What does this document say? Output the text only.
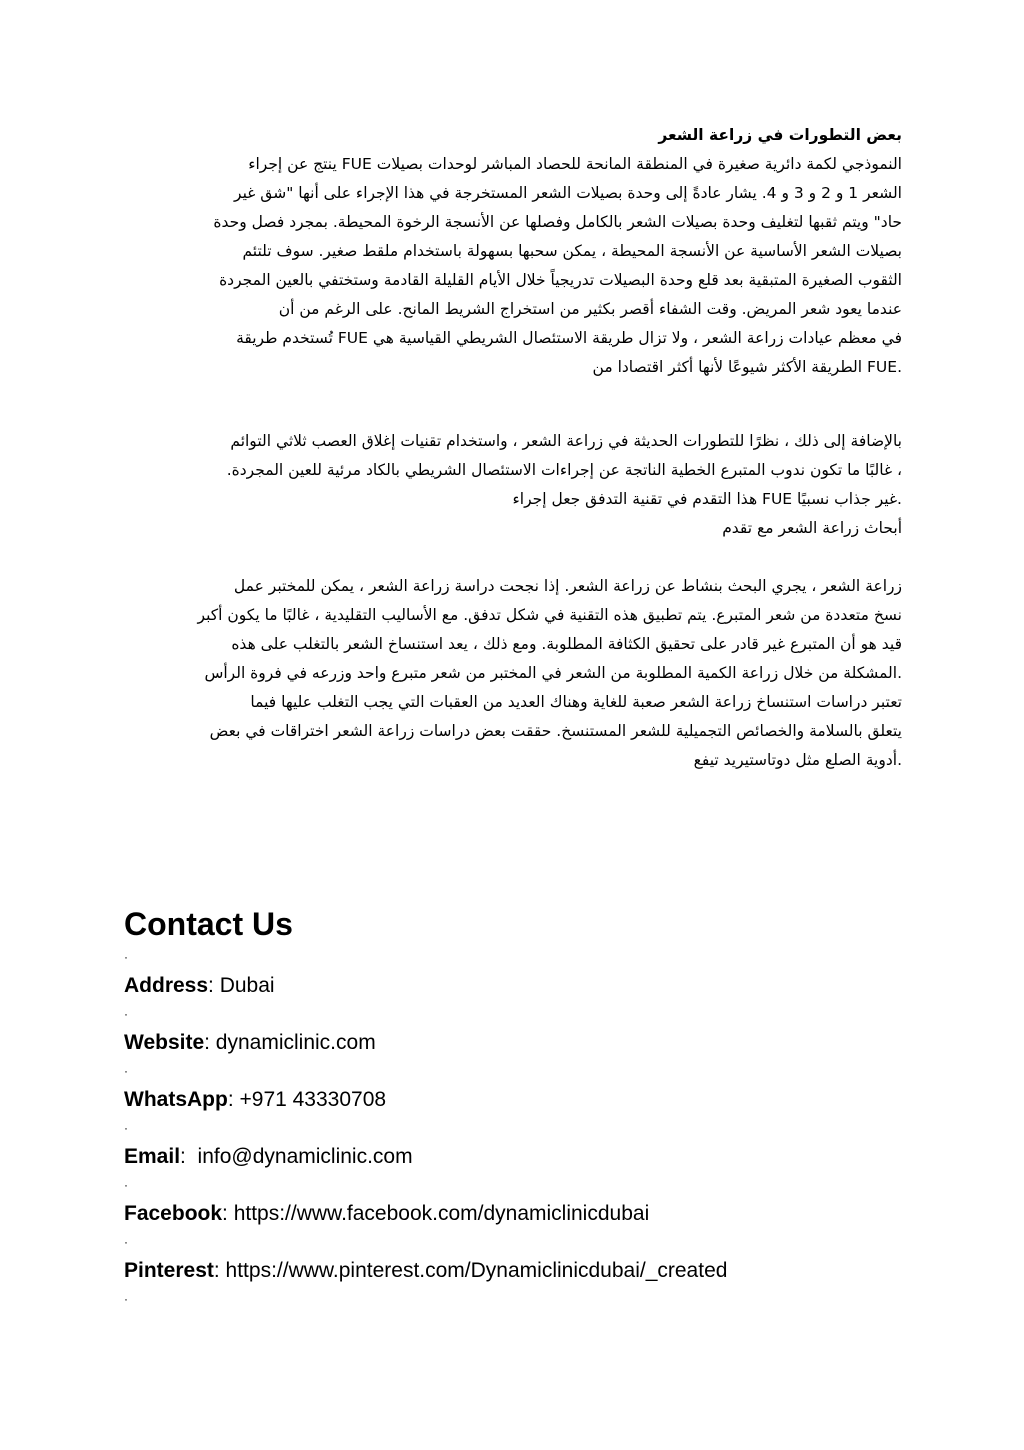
بعض التطورات في زراعة الشعر
النموذجي لكمة دائرية صغيرة في المنطقة المانحة للحصاد المباشر لوحدات بصيلات FUE ينتج عن إجراء
الشعر 1 و 2 و 3 و 4. يشار عادةً إلى وحدة بصيلات الشعر المستخرجة في هذا الإجراء على أنها "شق غير
حاد" ويتم ثقبها لتغليف وحدة بصيلات الشعر بالكامل وفصلها عن الأنسجة الرخوة المحيطة. بمجرد فصل وحدة
بصيلات الشعر الأساسية عن الأنسجة المحيطة ، يمكن سحبها بسهولة باستخدام ملقط صغير. سوف تلتئم
الثقوب الصغيرة المتبقية بعد قلع وحدة البصيلات تدريجياً خلال الأيام القليلة القادمة وستختفي بالعين المجردة
عندما يعود شعر المريض. وقت الشفاء أقصر بكثير من استخراج الشريط المانح. على الرغم من أن
في معظم عيادات زراعة الشعر ، ولا تزال طريقة الاستئصال الشريطي القياسية هي FUE تُستخدم طريقة
.FUE الطريقة الأكثر شيوعًا لأنها أكثر اقتصادا من
بالإضافة إلى ذلك ، نظرًا للتطورات الحديثة في زراعة الشعر ، واستخدام تقنيات إغلاق العصب ثلاثي التوائم
، غالبًا ما تكون ندوب المتبرع الخطية الناتجة عن إجراءات الاستئصال الشريطي بالكاد مرئية للعين المجردة.
.غير جذاب نسبيًا FUE هذا التقدم في تقنية التدفق جعل إجراء
أبحاث زراعة الشعر مع تقدم
زراعة الشعر ، يجري البحث بنشاط عن زراعة الشعر. إذا نجحت دراسة زراعة الشعر ، يمكن للمختبر عمل
نسخ متعددة من شعر المتبرع. يتم تطبيق هذه التقنية في شكل تدفق. مع الأساليب التقليدية ، غالبًا ما يكون أكبر
قيد هو أن المتبرع غير قادر على تحقيق الكثافة المطلوبة. ومع ذلك ، يعد استنساخ الشعر بالتغلب على هذه
.المشكلة من خلال زراعة الكمية المطلوبة من الشعر في المختبر من شعر متبرع واحد وزرعه في فروة الرأس
تعتبر دراسات استنساخ زراعة الشعر صعبة للغاية وهناك العديد من العقبات التي يجب التغلب عليها فيما
يتعلق بالسلامة والخصائص التجميلية للشعر المستنسخ. حققت بعض دراسات زراعة الشعر اختراقات في بعض
.أدوية الصلع مثل دوتاستيريد تيفع
Contact Us
·
Address: Dubai
·
Website: dynamiclinic.com
·
WhatsApp: +971 43330708
·
Email:  info@dynamiclinic.com
·
Facebook: https://www.facebook.com/dynamiclinicdubai
·
Pinterest: https://www.pinterest.com/Dynamiclinicdubai/_created
·
